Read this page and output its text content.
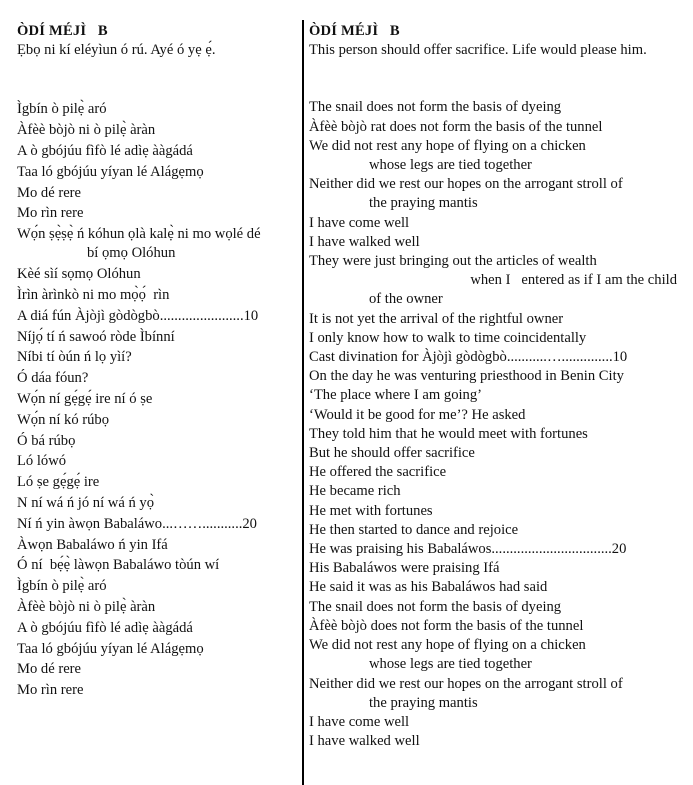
ÒDÍ MÉJÌ   B
Ẹbọ ni kí eléyìun ó rú. Ayé ó yẹ ẹ́.
Ìgbín ò pilẹ̀ aró
Àfèè bòjò ni ò pilẹ̀ àràn
A ò gbójúu fìfò lé adìẹ ààgádá
Taa ló gbójúu yíyan lé Alágẹmọ
Mo dé rere
Mo rìn rere
Wọ́n ṣẹ̀ṣẹ̀ ń kóhun ọlà kalẹ̀ ni mo wọlé dé
bí ọmọ Olóhun
Kèé sìí sọmọ Olóhun
Ìrìn àrìnkò ni mo mọ̀ọ́  rìn
A diá fún Àjòjì gòdògbò.......................10
Níjọ́ tí ń sawoó ròde Ìbínní
Níbi tí òún ń lọ yìí?
Ó dáa fóun?
Wọ́n ní gẹ́gẹ́ ire ní ó ṣe
Wọ́n ní kó rúbọ
Ó bá rúbọ
Ló lówó
Ló ṣe gẹ́gẹ́ ire
N ní wá ń jó ní wá ń yọ̀
Ní ń yin àwọn Babaláwo...……...........20
Àwọn Babaláwo ń yin Ifá
Ó ní  bẹ́ẹ̀ làwọn Babaláwo tòún wí
Ìgbín ò pilẹ̀ aró
Àfèè bòjò ni ò pilẹ̀ àràn
A ò gbójúu fìfò lé adìẹ ààgádá
Taa ló gbójúu yíyan lé Alágẹmọ
Mo dé rere
Mo rìn rere
ÒDÍ MÉJÌ   B
This person should offer sacrifice. Life would please him.
The snail does not form the basis of dyeing
Àfèè bòjò rat does not form the basis of the tunnel
We did not rest any hope of flying on a chicken
whose legs are tied together
Neither did we rest our hopes on the arrogant stroll of
the praying mantis
I have come well
I have walked well
They were just bringing out the articles of wealth
when I   entered as if I am the child
of the owner
It is not yet the arrival of the rightful owner
I only know how to walk to time coincidentally
Cast divination for Àjòjì gòdògbò...........…..............10
On the day he was venturing priesthood in Benin City
‘The place where I am going’
‘Would it be good for me’? He asked
They told him that he would meet with fortunes
But he should offer sacrifice
He offered the sacrifice
He became rich
He met with fortunes
He then started to dance and rejoice
He was praising his Babaláwos.................................20
His Babaláwos were praising Ifá
He said it was as his Babaláwos had said
The snail does not form the basis of dyeing
Àfèè bòjò does not form the basis of the tunnel
We did not rest any hope of flying on a chicken
whose legs are tied together
Neither did we rest our hopes on the arrogant stroll of
the praying mantis
I have come well
I have walked well
